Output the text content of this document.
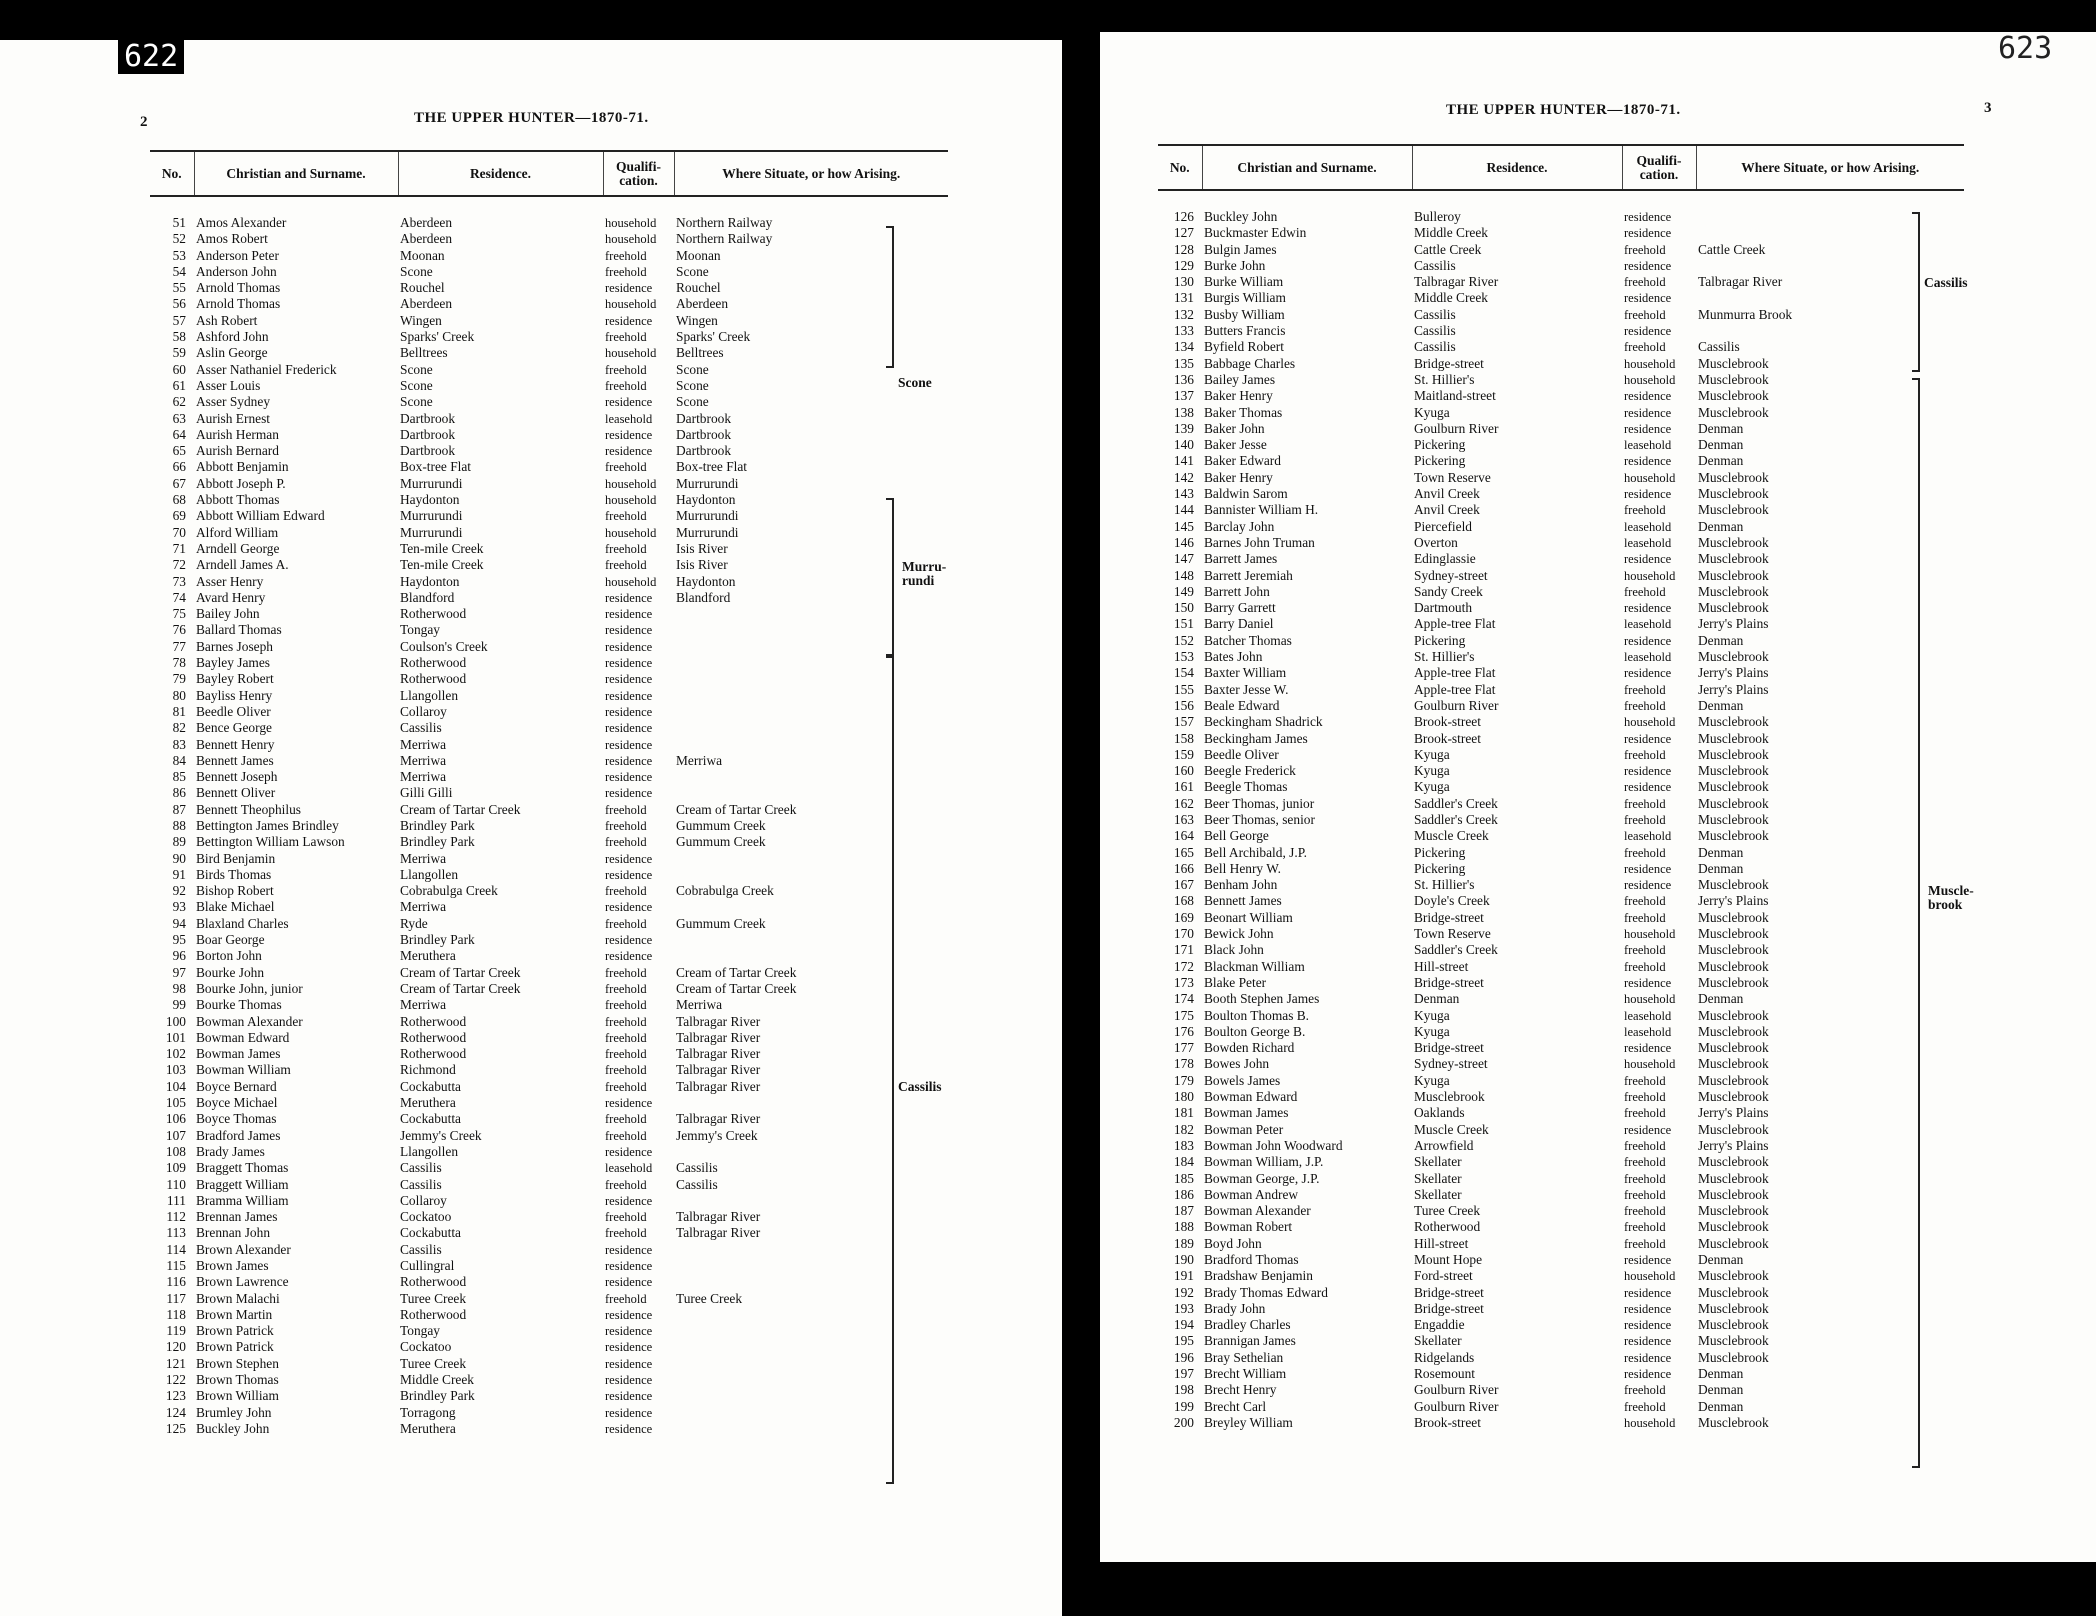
622
2	THE UPPER HUNTER—1870-71.
No.	Christian and Surname.	Residence.	Qualifi-cation.	Where Situate, or how Arising.
51	Amos Alexander	Aberdeen	household	Northern Railway
52	Amos Robert	Aberdeen	household	Northern Railway
53	Anderson Peter	Moonan	freehold	Moonan
54	Anderson John	Scone	freehold	Scone
55	Arnold Thomas	Rouchel	residence	Rouchel
56	Arnold Thomas	Aberdeen	household	Aberdeen
57	Ash Robert	Wingen	residence	Wingen
58	Ashford John	Sparks' Creek	freehold	Sparks' Creek
59	Aslin George	Belltrees	household	Belltrees
60	Asser Nathaniel Frederick	Scone	freehold	Scone
61	Asser Louis	Scone	freehold	Scone
62	Asser Sydney	Scone	residence	Scone
63	Aurish Ernest	Dartbrook	leasehold	Dartbrook
64	Aurish Herman	Dartbrook	residence	Dartbrook
65	Aurish Bernard	Dartbrook	residence	Dartbrook
66	Abbott Benjamin	Box-tree Flat	freehold	Box-tree Flat
67	Abbott Joseph P.	Murrurundi	household	Murrurundi
68	Abbott Thomas	Haydonton	household	Haydonton
69	Abbott William Edward	Murrurundi	freehold	Murrurundi
70	Alford William	Murrurundi	household	Murrurundi
71	Arndell George	Ten-mile Creek	freehold	Isis River
72	Arndell James A.	Ten-mile Creek	freehold	Isis River
73	Asser Henry	Haydonton	household	Haydonton
74	Avard Henry	Blandford	residence	Blandford
75	Bailey John	Rotherwood	residence	
76	Ballard Thomas	Tongay	residence	
77	Barnes Joseph	Coulson's Creek	residence	
78	Bayley James	Rotherwood	residence	
79	Bayley Robert	Rotherwood	residence	
80	Bayliss Henry	Llangollen	residence	
81	Beedle Oliver	Collaroy	residence	
82	Bence George	Cassilis	residence	
83	Bennett Henry	Merriwa	residence	
84	Bennett James	Merriwa	residence	Merriwa
85	Bennett Joseph	Merriwa	residence	
86	Bennett Oliver	Gilli Gilli	residence	
87	Bennett Theophilus	Cream of Tartar Creek	freehold	Cream of Tartar Creek
88	Bettington James Brindley	Brindley Park	freehold	Gummum Creek
89	Bettington William Lawson	Brindley Park	freehold	Gummum Creek
90	Bird Benjamin	Merriwa	residence	
91	Birds Thomas	Llangollen	residence	
92	Bishop Robert	Cobrabulga Creek	freehold	Cobrabulga Creek
93	Blake Michael	Merriwa	residence	
94	Blaxland Charles	Ryde	freehold	Gummum Creek
95	Boar George	Brindley Park	residence	
96	Borton John	Meruthera	residence	
97	Bourke John	Cream of Tartar Creek	freehold	Cream of Tartar Creek
98	Bourke John, junior	Cream of Tartar Creek	freehold	Cream of Tartar Creek
99	Bourke Thomas	Merriwa	freehold	Merriwa
100	Bowman Alexander	Rotherwood	freehold	Talbragar River
101	Bowman Edward	Rotherwood	freehold	Talbragar River
102	Bowman James	Rotherwood	freehold	Talbragar River
103	Bowman William	Richmond	freehold	Talbragar River
104	Boyce Bernard	Cockabutta	freehold	Talbragar River
105	Boyce Michael	Meruthera	residence	
106	Boyce Thomas	Cockabutta	freehold	Talbragar River
107	Bradford James	Jemmy's Creek	freehold	Jemmy's Creek
108	Brady James	Llangollen	residence	
109	Braggett Thomas	Cassilis	leasehold	Cassilis
110	Braggett William	Cassilis	freehold	Cassilis
111	Bramma William	Collaroy	residence	
112	Brennan James	Cockatoo	freehold	Talbragar River
113	Brennan John	Cockabutta	freehold	Talbragar River
114	Brown Alexander	Cassilis	residence	
115	Brown James	Cullingral	residence	
116	Brown Lawrence	Rotherwood	residence	
117	Brown Malachi	Turee Creek	freehold	Turee Creek
118	Brown Martin	Rotherwood	residence	
119	Brown Patrick	Tongay	residence	
120	Brown Patrick	Cockatoo	residence	
121	Brown Stephen	Turee Creek	residence	
122	Brown Thomas	Middle Creek	residence	
123	Brown William	Brindley Park	residence	
124	Brumley John	Torragong	residence	
125	Buckley John	Meruthera	residence	
Scone
Murru-rundi
Cassilis
623
THE UPPER HUNTER—1870-71.	3
No.	Christian and Surname.	Residence.	Qualifi-cation.	Where Situate, or how Arising.
126	Buckley John	Bulleroy	residence	
127	Buckmaster Edwin	Middle Creek	residence	
128	Bulgin James	Cattle Creek	freehold	Cattle Creek
129	Burke John	Cassilis	residence	
130	Burke William	Talbragar River	freehold	Talbragar River
131	Burgis William	Middle Creek	residence	
132	Busby William	Cassilis	freehold	Munmurra Brook
133	Butters Francis	Cassilis	residence	
134	Byfield Robert	Cassilis	freehold	Cassilis
135	Babbage Charles	Bridge-street	household	Musclebrook
136	Bailey James	St. Hillier's	household	Musclebrook
137	Baker Henry	Maitland-street	residence	Musclebrook
138	Baker Thomas	Kyuga	residence	Musclebrook
139	Baker John	Goulburn River	residence	Denman
140	Baker Jesse	Pickering	leasehold	Denman
141	Baker Edward	Pickering	residence	Denman
142	Baker Henry	Town Reserve	household	Musclebrook
143	Baldwin Sarom	Anvil Creek	residence	Musclebrook
144	Bannister William H.	Anvil Creek	freehold	Musclebrook
145	Barclay John	Piercefield	leasehold	Denman
146	Barnes John Truman	Overton	leasehold	Musclebrook
147	Barrett James	Edinglassie	residence	Musclebrook
148	Barrett Jeremiah	Sydney-street	household	Musclebrook
149	Barrett John	Sandy Creek	freehold	Musclebrook
150	Barry Garrett	Dartmouth	residence	Musclebrook
151	Barry Daniel	Apple-tree Flat	leasehold	Jerry's Plains
152	Batcher Thomas	Pickering	residence	Denman
153	Bates John	St. Hillier's	leasehold	Musclebrook
154	Baxter William	Apple-tree Flat	residence	Jerry's Plains
155	Baxter Jesse W.	Apple-tree Flat	freehold	Jerry's Plains
156	Beale Edward	Goulburn River	freehold	Denman
157	Beckingham Shadrick	Brook-street	household	Musclebrook
158	Beckingham James	Brook-street	residence	Musclebrook
159	Beedle Oliver	Kyuga	freehold	Musclebrook
160	Beegle Frederick	Kyuga	residence	Musclebrook
161	Beegle Thomas	Kyuga	residence	Musclebrook
162	Beer Thomas, junior	Saddler's Creek	freehold	Musclebrook
163	Beer Thomas, senior	Saddler's Creek	freehold	Musclebrook
164	Bell George	Muscle Creek	leasehold	Musclebrook
165	Bell Archibald, J.P.	Pickering	freehold	Denman
166	Bell Henry W.	Pickering	residence	Denman
167	Benham John	St. Hillier's	residence	Musclebrook
168	Bennett James	Doyle's Creek	freehold	Jerry's Plains
169	Beonart William	Bridge-street	freehold	Musclebrook
170	Bewick John	Town Reserve	household	Musclebrook
171	Black John	Saddler's Creek	freehold	Musclebrook
172	Blackman William	Hill-street	freehold	Musclebrook
173	Blake Peter	Bridge-street	residence	Musclebrook
174	Booth Stephen James	Denman	household	Denman
175	Boulton Thomas B.	Kyuga	leasehold	Musclebrook
176	Boulton George B.	Kyuga	leasehold	Musclebrook
177	Bowden Richard	Bridge-street	residence	Musclebrook
178	Bowes John	Sydney-street	household	Musclebrook
179	Bowels James	Kyuga	freehold	Musclebrook
180	Bowman Edward	Musclebrook	freehold	Musclebrook
181	Bowman James	Oaklands	freehold	Jerry's Plains
182	Bowman Peter	Muscle Creek	residence	Musclebrook
183	Bowman John Woodward	Arrowfield	freehold	Jerry's Plains
184	Bowman William, J.P.	Skellater	freehold	Musclebrook
185	Bowman George, J.P.	Skellater	freehold	Musclebrook
186	Bowman Andrew	Skellater	freehold	Musclebrook
187	Bowman Alexander	Turee Creek	freehold	Musclebrook
188	Bowman Robert	Rotherwood	freehold	Musclebrook
189	Boyd John	Hill-street	freehold	Musclebrook
190	Bradford Thomas	Mount Hope	residence	Denman
191	Bradshaw Benjamin	Ford-street	household	Musclebrook
192	Brady Thomas Edward	Bridge-street	residence	Musclebrook
193	Brady John	Bridge-street	residence	Musclebrook
194	Bradley Charles	Engaddie	residence	Musclebrook
195	Brannigan James	Skellater	residence	Musclebrook
196	Bray Sethelian	Ridgelands	residence	Musclebrook
197	Brecht William	Rosemount	residence	Denman
198	Brecht Henry	Goulburn River	freehold	Denman
199	Brecht Carl	Goulburn River	freehold	Denman
200	Breyley William	Brook-street	household	Musclebrook
Cassilis
Muscle-brook
